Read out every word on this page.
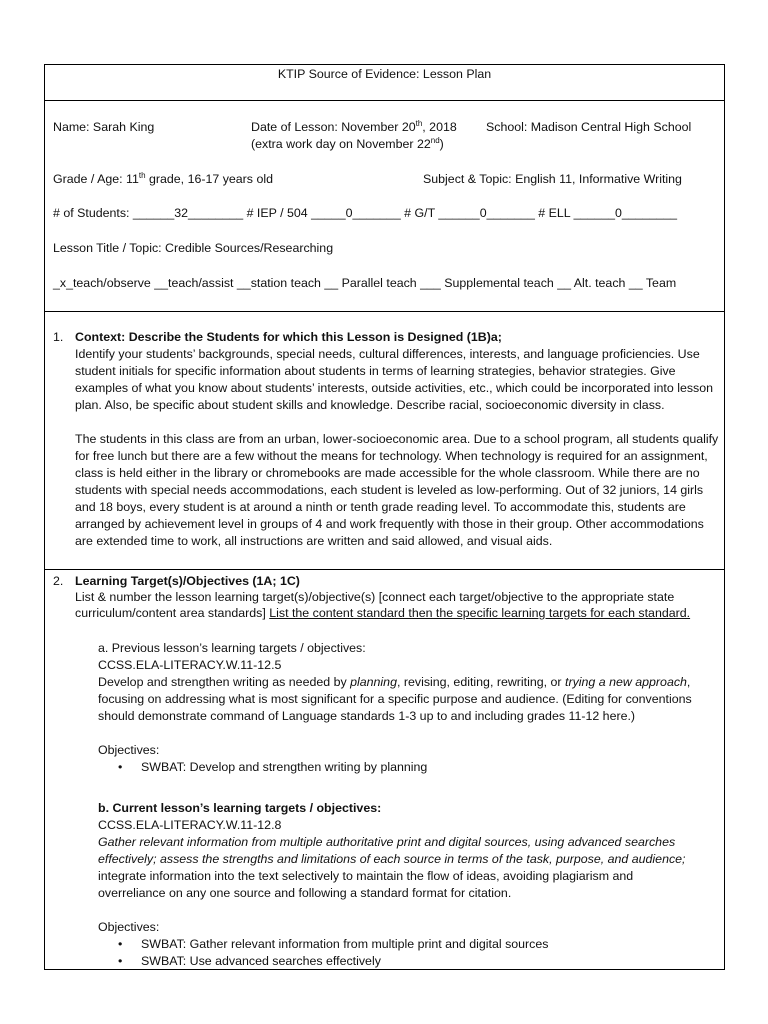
KTIP Source of Evidence: Lesson Plan
Name: Sarah King	Date of Lesson: November 20th, 2018 School: Madison Central High School
(extra work day on November 22nd)
Grade / Age: 11th grade, 16-17 years old	Subject & Topic: English 11, Informative Writing
# of Students: ______32________ # IEP / 504 _____0_______ # G/T ______0_______ # ELL ______0________
Lesson Title / Topic: Credible Sources/Researching
_x_teach/observe __teach/assist __station teach __ Parallel teach ___ Supplemental teach __ Alt. teach __ Team
1. Context: Describe the Students for which this Lesson is Designed (1B)a;
Identify your students’ backgrounds, special needs, cultural differences, interests, and language proficiencies. Use student initials for specific information about students in terms of learning strategies, behavior strategies. Give examples of what you know about students’ interests, outside activities, etc., which could be incorporated into lesson plan. Also, be specific about student skills and knowledge. Describe racial, socioeconomic diversity in class.
The students in this class are from an urban, lower-socioeconomic area. Due to a school program, all students qualify for free lunch but there are a few without the means for technology. When technology is required for an assignment, class is held either in the library or chromebooks are made accessible for the whole classroom. While there are no students with special needs accommodations, each student is leveled as low-performing. Out of 32 juniors, 14 girls and 18 boys, every student is at around a ninth or tenth grade reading level. To accommodate this, students are arranged by achievement level in groups of 4 and work frequently with those in their group. Other accommodations are extended time to work, all instructions are written and said allowed, and visual aids.
2. Learning Target(s)/Objectives (1A; 1C)
List & number the lesson learning target(s)/objective(s) [connect each target/objective to the appropriate state
curriculum/content area standards] List the content standard then the specific learning targets for each standard.
a. Previous lesson’s learning targets / objectives:
CCSS.ELA-LITERACY.W.11-12.5
Develop and strengthen writing as needed by planning, revising, editing, rewriting, or trying a new approach,
focusing on addressing what is most significant for a specific purpose and audience. (Editing for conventions
should demonstrate command of Language standards 1-3 up to and including grades 11-12 here.)
Objectives:
• SWBAT: Develop and strengthen writing by planning
b. Current lesson’s learning targets / objectives:
CCSS.ELA-LITERACY.W.11-12.8
Gather relevant information from multiple authoritative print and digital sources, using advanced searches
effectively; assess the strengths and limitations of each source in terms of the task, purpose, and audience;
integrate information into the text selectively to maintain the flow of ideas, avoiding plagiarism and
overreliance on any one source and following a standard format for citation.
Objectives:
• SWBAT: Gather relevant information from multiple print and digital sources
• SWBAT: Use advanced searches effectively
